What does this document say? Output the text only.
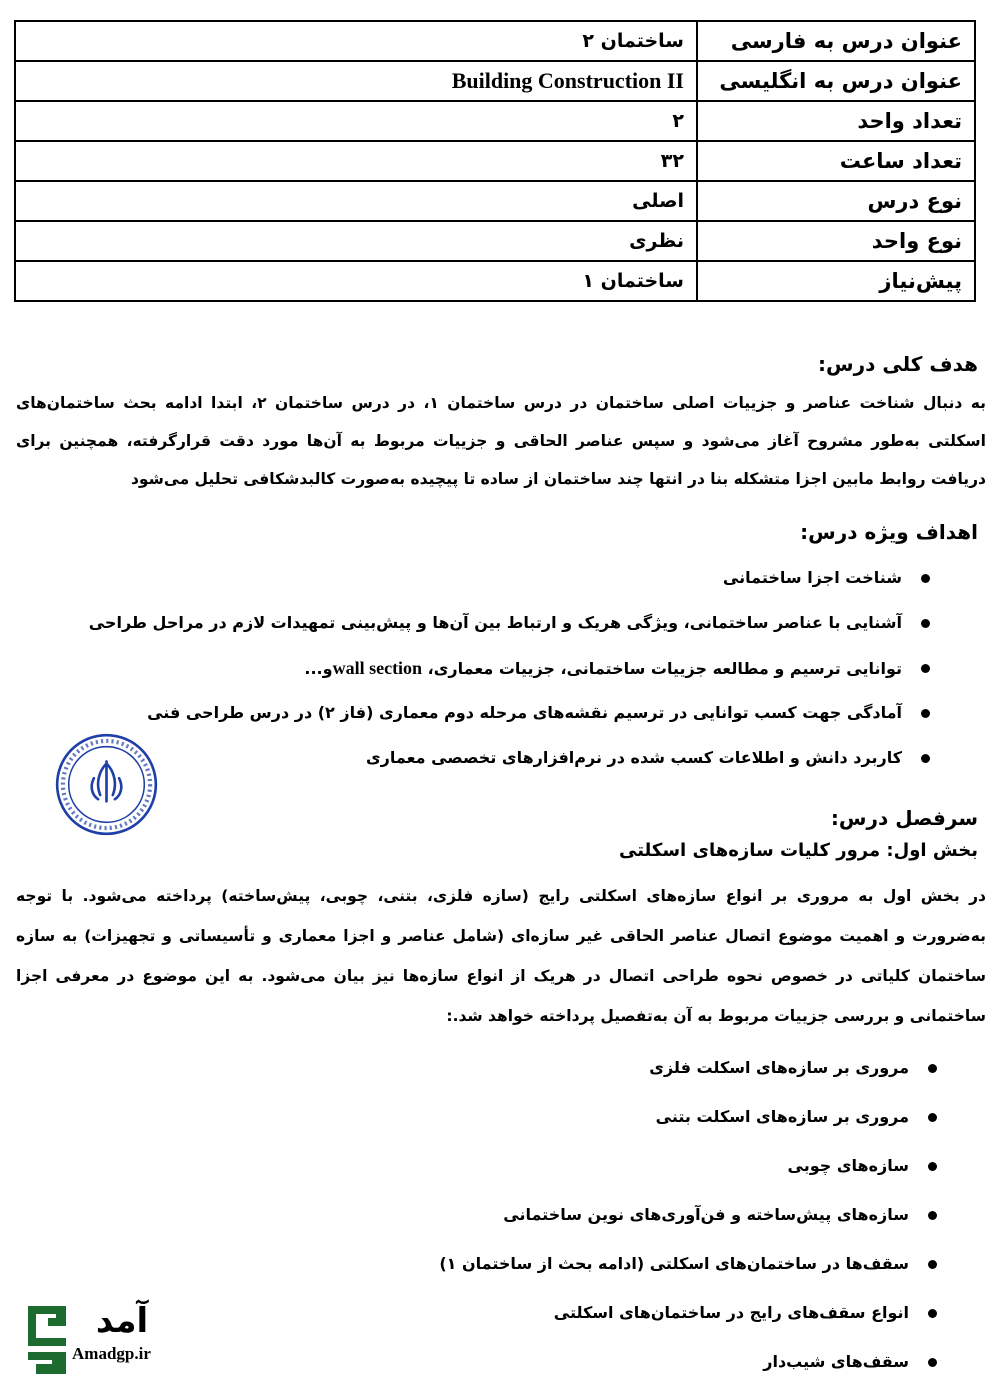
عنوان درس به فارسی	ساختمان ۲
عنوان درس به انگلیسی	Building Construction II
تعداد واحد	۲
تعداد ساعت	۳۲
نوع درس	اصلی
نوع واحد	نظری
پیش‌نیاز	ساختمان ۱
هدف کلی درس:
به دنبال شناخت عناصر و جزییات اصلی ساختمان در درس ساختمان ۱، در درس ساختمان ۲، ابتدا ادامه بحث ساختمان‌های اسکلتی به‌طور مشروح آغاز می‌شود و سپس عناصر الحاقی و جزییات مربوط به آن‌ها مورد دقت قرارگرفته، همچنین برای دریافت روابط مابین اجزا متشکله بنا در انتها چند ساختمان از ساده تا پیچیده به‌صورت کالبدشکافی تحلیل می‌شود
اهداف ویژه درس:
شناخت اجزا ساختمانی
آشنایی با عناصر ساختمانی، ویژگی هریک و ارتباط بین آن‌ها و پیش‌بینی تمهیدات لازم در مراحل طراحی
توانایی ترسیم و مطالعه جزییات ساختمانی، جزییات معماری، wall sectionو...
آمادگی جهت کسب توانایی در ترسیم نقشه‌های مرحله دوم معماری (فاز ۲) در درس طراحی فنی
کاربرد دانش و اطلاعات کسب شده در نرم‌افزارهای تخصصی معماری
سرفصل درس:
بخش اول: مرور کلیات سازه‌های اسکلتی
در بخش اول به مروری بر انواع سازه‌های اسکلتی رایج (سازه فلزی، بتنی، چوبی، پیش‌ساخته) پرداخته می‌شود. با توجه به‌ضرورت و اهمیت موضوع اتصال عناصر الحاقی غیر سازه‌ای (شامل عناصر و اجزا معماری و تأسیساتی و تجهیزات) به سازه ساختمان کلیاتی در خصوص نحوه طراحی اتصال در هریک از انواع سازه‌ها نیز بیان می‌شود. به این موضوع در معرفی اجزا ساختمانی و بررسی جزییات مربوط به آن به‌تفصیل پرداخته خواهد شد.:
مروری بر سازه‌های اسکلت فلزی
مروری بر سازه‌های اسکلت بتنی
سازه‌های چوبی
سازه‌های پیش‌ساخته و فن‌آوری‌های نوین ساختمانی
سقف‌ها در ساختمان‌های اسکلتی (ادامه بحث از ساختمان ۱)
انواع سقف‌های رایج در ساختمان‌های اسکلتی
سقف‌های شیب‌دار
آمد
Amadgp.ir
